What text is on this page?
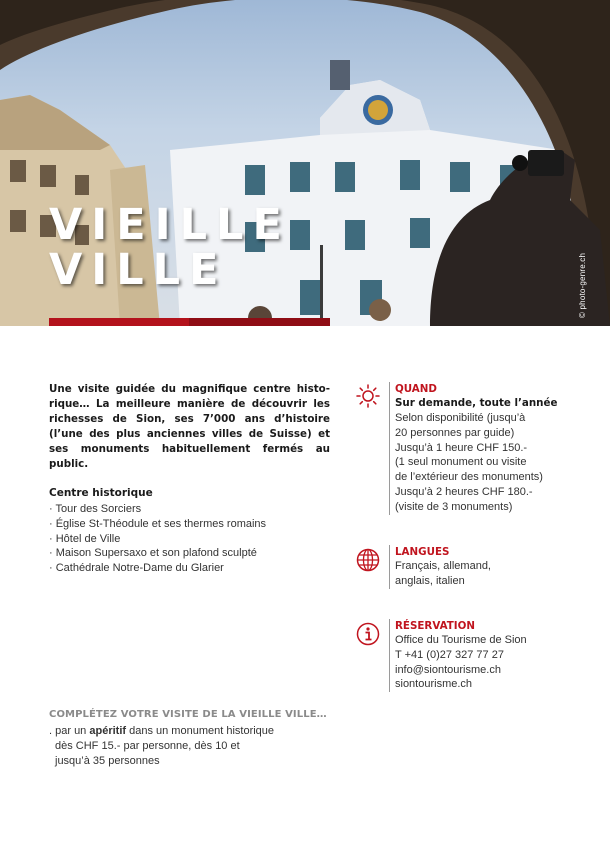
VIEILLE
VILLE	© photo-genre.ch

Une visite guidée du magnifique centre historique… La meilleure manière de découvrir les richesses de Sion, ses 7’000 ans d’histoire (l’une des plus anciennes villes de Suisse) et ses monuments habituellement fermés au public.

Centre historique
· Tour des Sorciers
· Église St-Théodule et ses thermes romains
· Hôtel de Ville
· Maison Supersaxo et son plafond sculpté
· Cathédrale Notre-Dame du Glarier
COMPLÉTEZ VOTRE VISITE DE LA VIEILLE VILLE…
. par un apéritif dans un monument historique
dès CHF 15.- par personne, dès 10 et
jusqu’à 35 personnes
QUAND
Sur demande, toute l’année
Selon disponibilité (jusqu’à
20 personnes par guide)
Jusqu’à 1 heure CHF 150.-
(1 seul monument ou visite
de l’extérieur des monuments)
Jusqu’à 2 heures CHF 180.-
(visite de 3 monuments)
LANGUES
Français, allemand,
anglais, italien
RÉSERVATION
Office du Tourisme de Sion
T +41 (0)27 327 77 27
info@siontourisme.ch
siontourisme.ch
